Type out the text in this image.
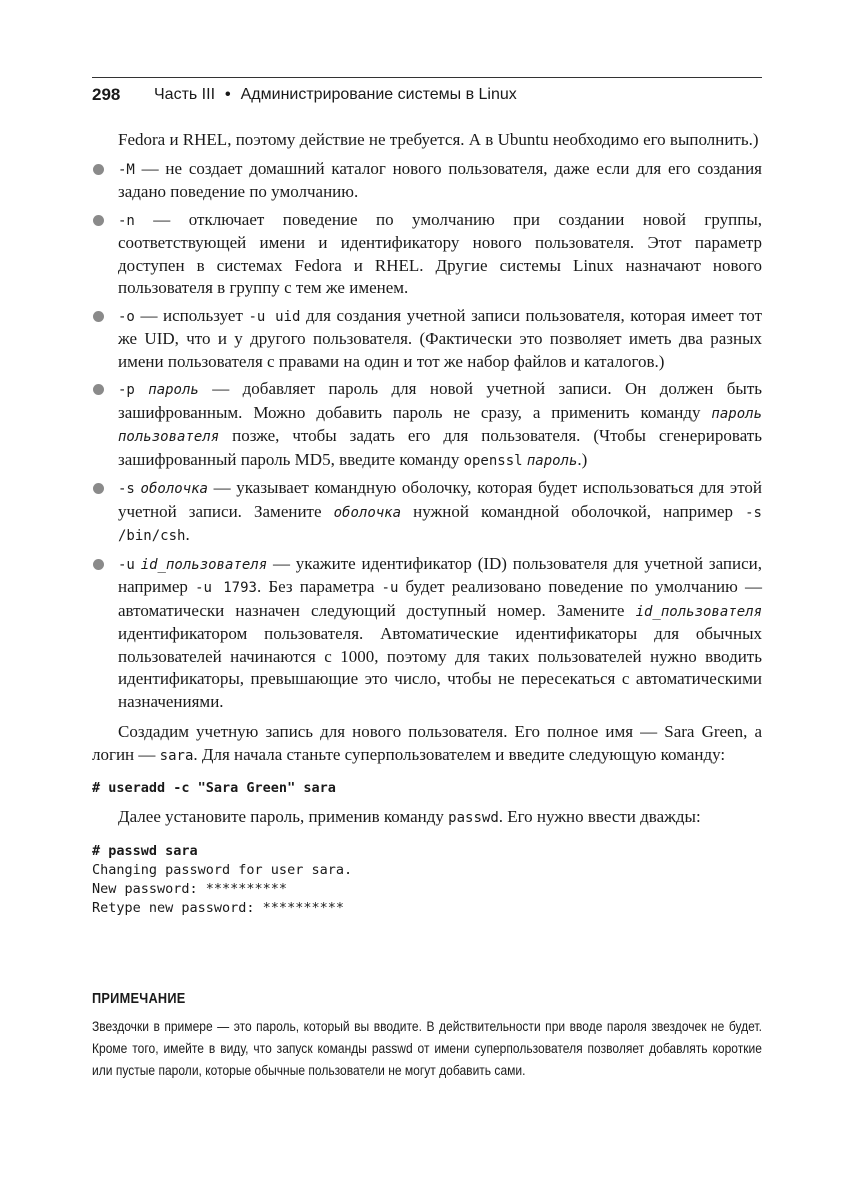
298	Часть III • Администрирование системы в Linux

Fedora и RHEL, поэтому действие не требуется. А в Ubuntu необходимо его выполнить.)

-M — не создает домашний каталог нового пользователя, даже если для его создания задано поведение по умолчанию.
-n — отключает поведение по умолчанию при создании новой группы, соответствующей имени и идентификатору нового пользователя. Этот параметр доступен в системах Fedora и RHEL. Другие системы Linux назначают нового пользователя в группу с тем же именем.
-o — использует -u uid для создания учетной записи пользователя, которая имеет тот же UID, что и у другого пользователя. (Фактически это позволяет иметь два разных имени пользователя с правами на один и тот же набор файлов и каталогов.)
-p пароль — добавляет пароль для новой учетной записи. Он должен быть зашифрованным. Можно добавить пароль не сразу, а применить команду пароль пользователя позже, чтобы задать его для пользователя. (Чтобы сгенерировать зашифрованный пароль MD5, введите команду openssl пароль.)
-s оболочка — указывает командную оболочку, которая будет использоваться для этой учетной записи. Замените оболочка нужной командной оболочкой, например -s /bin/csh.
-u id_пользователя — укажите идентификатор (ID) пользователя для учетной записи, например -u 1793. Без параметра -u будет реализовано поведение по умолчанию — автоматически назначен следующий доступный номер. Замените id_пользователя идентификатором пользователя. Автоматические идентификаторы для обычных пользователей начинаются с 1000, поэтому для таких пользователей нужно вводить идентификаторы, превышающие это число, чтобы не пересекаться с автоматическими назначениями.

Создадим учетную запись для нового пользователя. Его полное имя — Sara Green, а логин — sara. Для начала станьте суперпользователем и введите следующую команду:

# useradd -c "Sara Green" sara

Далее установите пароль, применив команду passwd. Его нужно ввести дважды:

# passwd sara
Changing password for user sara.
New password: **********
Retype new password: **********
ПРИМЕЧАНИЕ
Звездочки в примере — это пароль, который вы вводите. В действительности при вводе пароля звездочек не будет. Кроме того, имейте в виду, что запуск команды passwd от имени суперпользователя позволяет добавлять короткие или пустые пароли, которые обычные пользователи не могут добавить сами.
